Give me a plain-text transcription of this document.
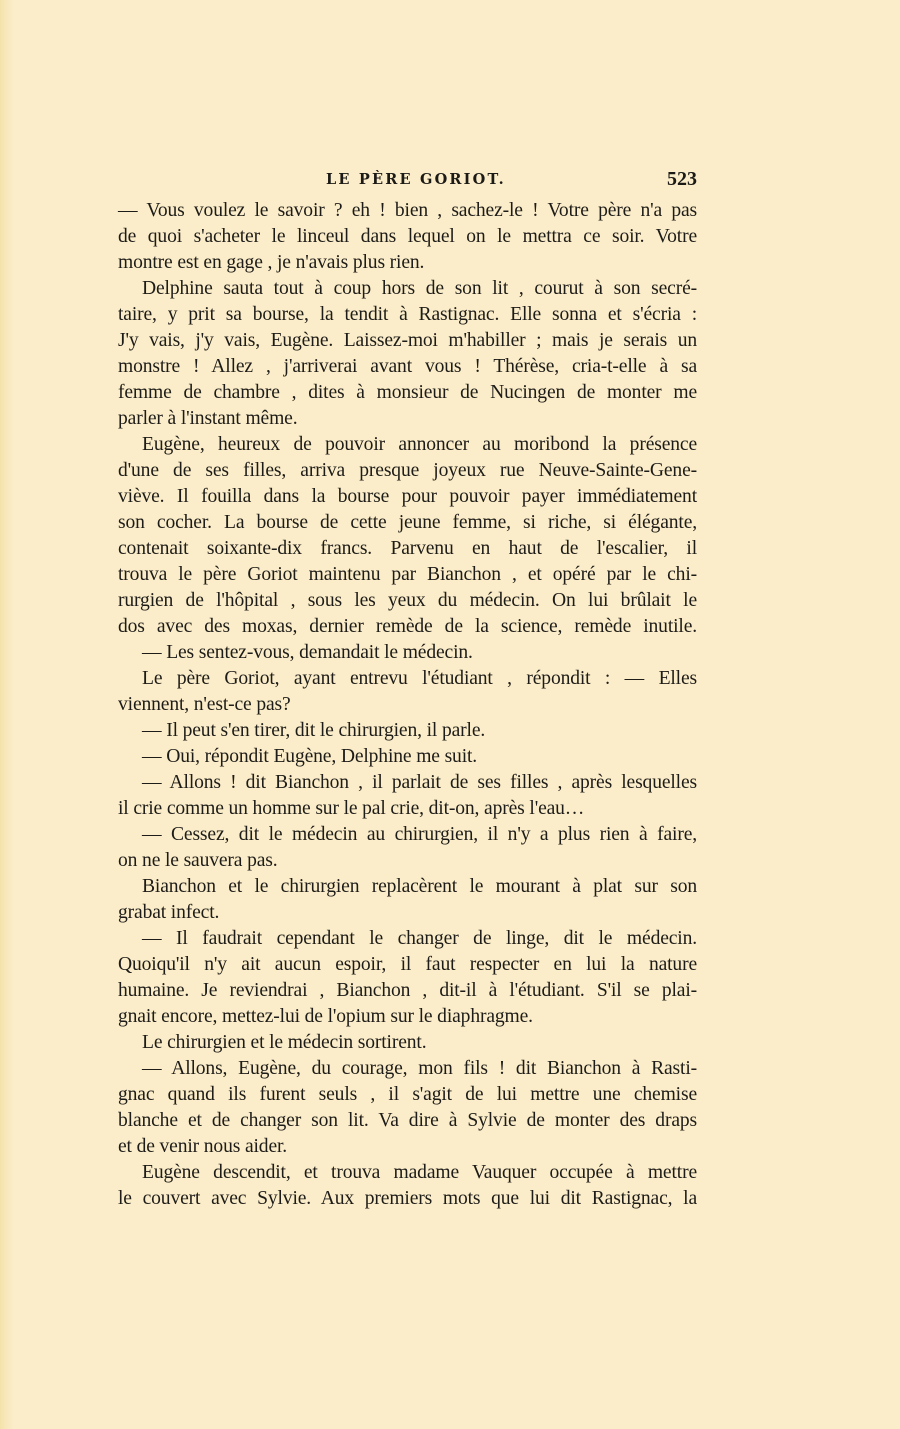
LE PÈRE GORIOT.	523
— Vous voulez le savoir ? eh ! bien , sachez-le ! Votre père n'a pas
de quoi s'acheter le linceul dans lequel on le mettra ce soir. Votre
montre est en gage , je n'avais plus rien.
Delphine sauta tout à coup hors de son lit , courut à son secré-
taire, y prit sa bourse, la tendit à Rastignac. Elle sonna et s'écria :
J'y vais, j'y vais, Eugène. Laissez-moi m'habiller ; mais je serais un
monstre ! Allez , j'arriverai avant vous ! Thérèse, cria-t-elle à sa
femme de chambre , dites à monsieur de Nucingen de monter me
parler à l'instant même.
Eugène, heureux de pouvoir annoncer au moribond la présence
d'une de ses filles, arriva presque joyeux rue Neuve-Sainte-Gene-
viève. Il fouilla dans la bourse pour pouvoir payer immédiatement
son cocher. La bourse de cette jeune femme, si riche, si élégante,
contenait soixante-dix francs. Parvenu en haut de l'escalier, il
trouva le père Goriot maintenu par Bianchon , et opéré par le chi-
rurgien de l'hôpital , sous les yeux du médecin. On lui brûlait le
dos avec des moxas, dernier remède de la science, remède inutile.
— Les sentez-vous, demandait le médecin.
Le père Goriot, ayant entrevu l'étudiant , répondit : — Elles
viennent, n'est-ce pas?
— Il peut s'en tirer, dit le chirurgien, il parle.
— Oui, répondit Eugène, Delphine me suit.
— Allons ! dit Bianchon , il parlait de ses filles , après lesquelles
il crie comme un homme sur le pal crie, dit-on, après l'eau…
— Cessez, dit le médecin au chirurgien, il n'y a plus rien à faire,
on ne le sauvera pas.
Bianchon et le chirurgien replacèrent le mourant à plat sur son
grabat infect.
— Il faudrait cependant le changer de linge, dit le médecin.
Quoiqu'il n'y ait aucun espoir, il faut respecter en lui la nature
humaine. Je reviendrai , Bianchon , dit-il à l'étudiant. S'il se plai-
gnait encore, mettez-lui de l'opium sur le diaphragme.
Le chirurgien et le médecin sortirent.
— Allons, Eugène, du courage, mon fils ! dit Bianchon à Rasti-
gnac quand ils furent seuls , il s'agit de lui mettre une chemise
blanche et de changer son lit. Va dire à Sylvie de monter des draps
et de venir nous aider.
Eugène descendit, et trouva madame Vauquer occupée à mettre
le couvert avec Sylvie. Aux premiers mots que lui dit Rastignac, la
